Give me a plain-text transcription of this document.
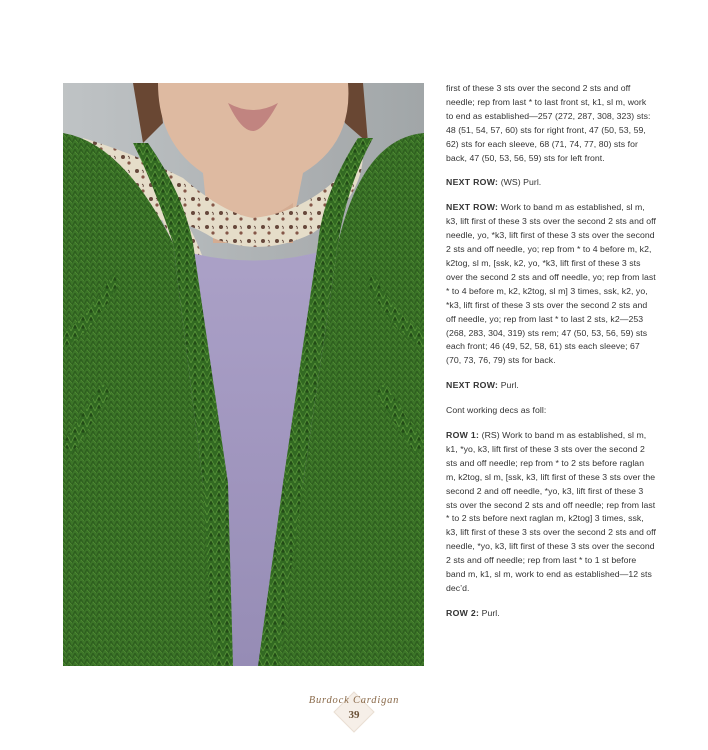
first of these 3 sts over the second 2 sts and off needle; rep from last * to last front st, k1, sl m, work to end as established—257 (272, 287, 308, 323) sts: 48 (51, 54, 57, 60) sts for right front, 47 (50, 53, 59, 62) sts for each sleeve, 68 (71, 74, 77, 80) sts for back, 47 (50, 53, 56, 59) sts for left front.

NEXT ROW: (WS) Purl.

NEXT ROW: Work to band m as established, sl m, k3, lift first of these 3 sts over the second 2 sts and off needle, yo, *k3, lift first of these 3 sts over the second 2 sts and off needle, yo; rep from * to 4 before m, k2, k2tog, sl m, [ssk, k2, yo, *k3, lift first of these 3 sts over the second 2 sts and off needle, yo; rep from last * to 4 before m, k2, k2tog, sl m] 3 times, ssk, k2, yo, *k3, lift first of these 3 sts over the second 2 sts and off needle, yo; rep from last * to last 2 sts, k2—253 (268, 283, 304, 319) sts rem; 47 (50, 53, 56, 59) sts each front; 46 (49, 52, 58, 61) sts each sleeve; 67 (70, 73, 76, 79) sts for back.

NEXT ROW: Purl.

Cont working decs as foll:

ROW 1: (RS) Work to band m as established, sl m, k1, *yo, k3, lift first of these 3 sts over the second 2 sts and off needle; rep from * to 2 sts before raglan m, k2tog, sl m, [ssk, k3, lift first of these 3 sts over the second 2 and off needle, *yo, k3, lift first of these 3 sts over the second 2 sts and off needle; rep from last * to 2 sts before next raglan m, k2tog] 3 times, ssk, k3, lift first of these 3 sts over the second 2 sts and off needle, *yo, k3, lift first of these 3 sts over the second 2 sts and off needle; rep from last * to 1 st before band m, k1, sl m, work to end as established—12 sts dec’d.

ROW 2: Purl.

Burdock Cardigan
39
